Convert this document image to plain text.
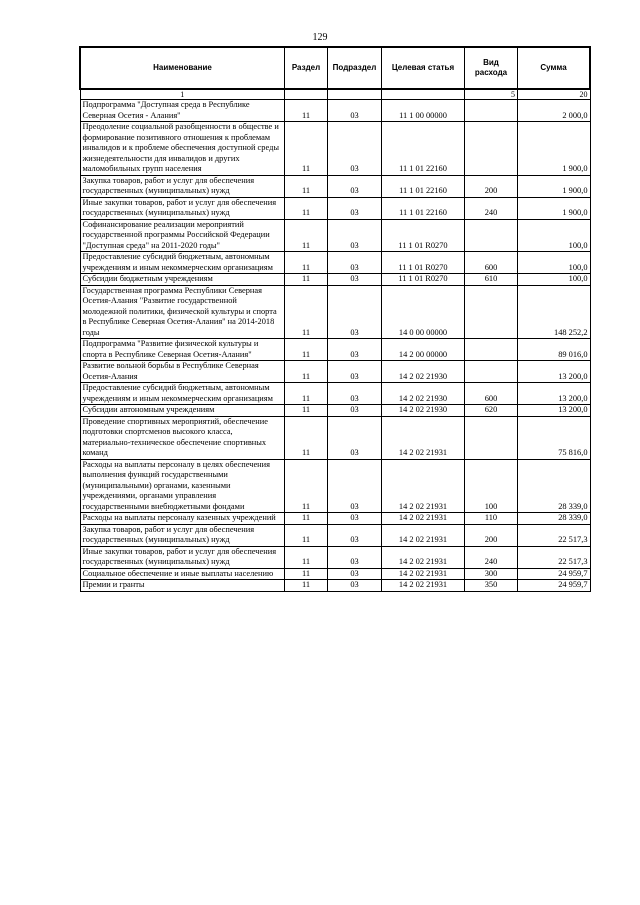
129
Наименование	Раздел	Подраздел	Целевая статья	Вид расхода	Сумма
1				5	20
Подпрограмма "Доступная среда в Республике Северная Осетия - Алания"	11	03	11 1 00 00000		2 000,0
Преодоление социальной разобщенности в обществе и формирование позитивного отношения к проблемам инвалидов и к проблеме обеспечения доступной среды жизнедеятельности для инвалидов и других маломобильных групп населения	11	03	11 1 01 22160		1 900,0
Закупка товаров, работ и услуг для обеспечения государственных (муниципальных) нужд	11	03	11 1 01 22160	200	1 900,0
Иные закупки товаров, работ и услуг для обеспечения государственных (муниципальных) нужд	11	03	11 1 01 22160	240	1 900,0
Софинансирование реализации мероприятий государственной программы Российской Федерации "Доступная среда" на 2011-2020 годы"	11	03	11 1 01 R0270		100,0
Предоставление субсидий бюджетным, автономным учреждениям и иным некоммерческим организациям	11	03	11 1 01 R0270	600	100,0
Субсидии бюджетным учреждениям	11	03	11 1 01 R0270	610	100,0
Государственная программа Республики Северная Осетия-Алания "Развитие государственной молодежной политики, физической культуры и спорта в Республике Северная Осетия-Алания" на 2014-2018 годы	11	03	14 0 00 00000		148 252,2
Подпрограмма "Развитие физической культуры и спорта в Республике Северная Осетия-Алания"	11	03	14 2 00 00000		89 016,0
Развитие вольной борьбы в Республике Северная Осетия-Алания	11	03	14 2 02 21930		13 200,0
Предоставление субсидий бюджетным, автономным учреждениям и иным некоммерческим организациям	11	03	14 2 02 21930	600	13 200,0
Субсидии автономным учреждениям	11	03	14 2 02 21930	620	13 200,0
Проведение спортивных мероприятий, обеспечение подготовки спортсменов высокого класса, материально-техническое обеспечение спортивных команд	11	03	14 2 02 21931		75 816,0
Расходы на выплаты персоналу в целях обеспечения выполнения функций государственными (муниципальными) органами, казенными учреждениями, органами управления государственными внебюджетными фондами	11	03	14 2 02 21931	100	28 339,0
Расходы на выплаты персоналу казенных учреждений	11	03	14 2 02 21931	110	28 339,0
Закупка товаров, работ и услуг для обеспечения государственных (муниципальных) нужд	11	03	14 2 02 21931	200	22 517,3
Иные закупки товаров, работ и услуг для обеспечения государственных (муниципальных) нужд	11	03	14 2 02 21931	240	22 517,3
Социальное обеспечение и иные выплаты населению	11	03	14 2 02 21931	300	24 959,7
Премии и гранты	11	03	14 2 02 21931	350	24 959,7
